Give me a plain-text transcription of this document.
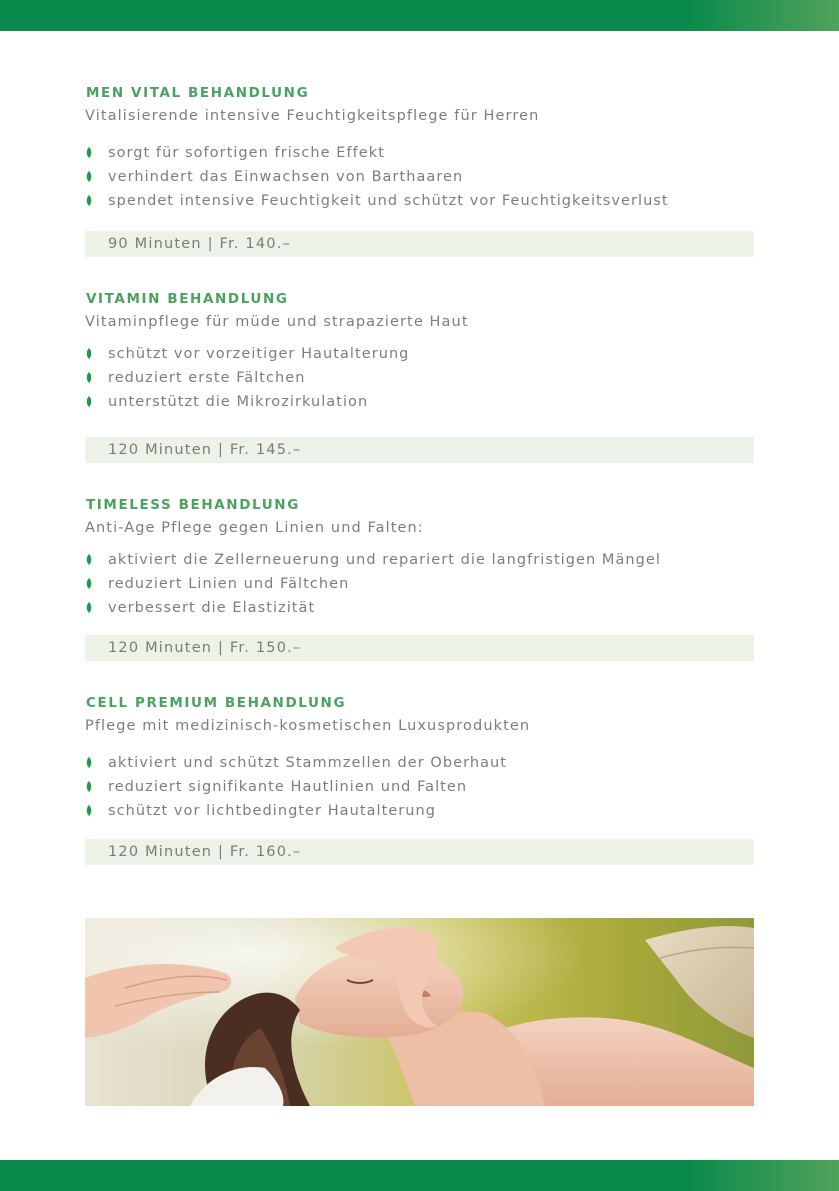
MEN VITAL BEHANDLUNG
Vitalisierende intensive Feuchtigkeitspflege für Herren
sorgt für sofortigen frische Effekt
verhindert das Einwachsen von Barthaaren
spendet intensive Feuchtigkeit und schützt vor Feuchtigkeitsverlust
90 Minuten | Fr. 140.–
VITAMIN BEHANDLUNG
Vitaminpflege für müde und strapazierte Haut
schützt vor vorzeitiger Hautalterung
reduziert erste Fältchen
unterstützt die Mikrozirkulation
120 Minuten | Fr. 145.–
TIMELESS BEHANDLUNG
Anti-Age Pflege gegen Linien und Falten:
aktiviert die Zellerneuerung und repariert die langfristigen Mängel
reduziert Linien und Fältchen
verbessert die Elastizität
120 Minuten | Fr. 150.–
CELL PREMIUM BEHANDLUNG
Pflege mit medizinisch-kosmetischen Luxusprodukten
aktiviert und schützt Stammzellen der Oberhaut
reduziert signifikante Hautlinien und Falten
schützt vor lichtbedingter Hautalterung
120 Minuten | Fr. 160.–
